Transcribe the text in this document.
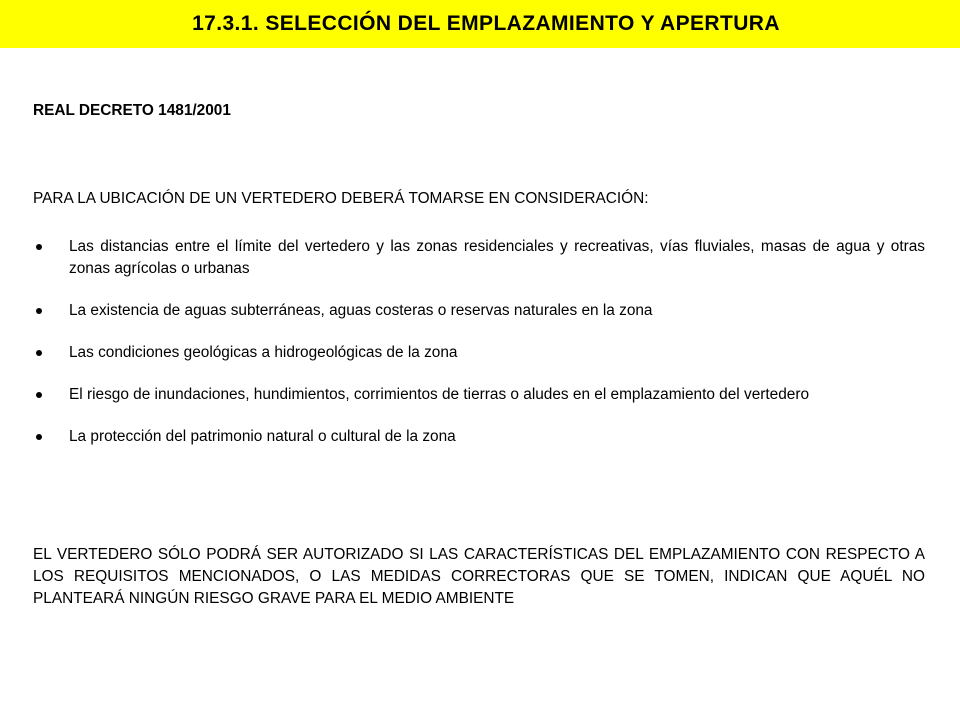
17.3.1. SELECCIÓN DEL EMPLAZAMIENTO Y APERTURA

REAL DECRETO 1481/2001

PARA LA UBICACIÓN DE UN VERTEDERO DEBERÁ TOMARSE EN CONSIDERACIÓN:

Las distancias entre el límite del vertedero y las zonas residenciales y recreativas, vías fluviales, masas de agua y otras zonas agrícolas o urbanas
La existencia de aguas subterráneas, aguas costeras o reservas naturales en la zona
Las condiciones geológicas a hidrogeológicas de la zona
El riesgo de inundaciones, hundimientos, corrimientos de tierras o aludes en el emplazamiento del vertedero
La protección del patrimonio natural o cultural de la zona

EL VERTEDERO SÓLO PODRÁ SER AUTORIZADO SI LAS CARACTERÍSTICAS DEL EMPLAZAMIENTO CON RESPECTO A LOS REQUISITOS MENCIONADOS, O LAS MEDIDAS CORRECTORAS QUE SE TOMEN, INDICAN QUE AQUÉL NO PLANTEARÁ NINGÚN RIESGO GRAVE PARA EL MEDIO AMBIENTE
